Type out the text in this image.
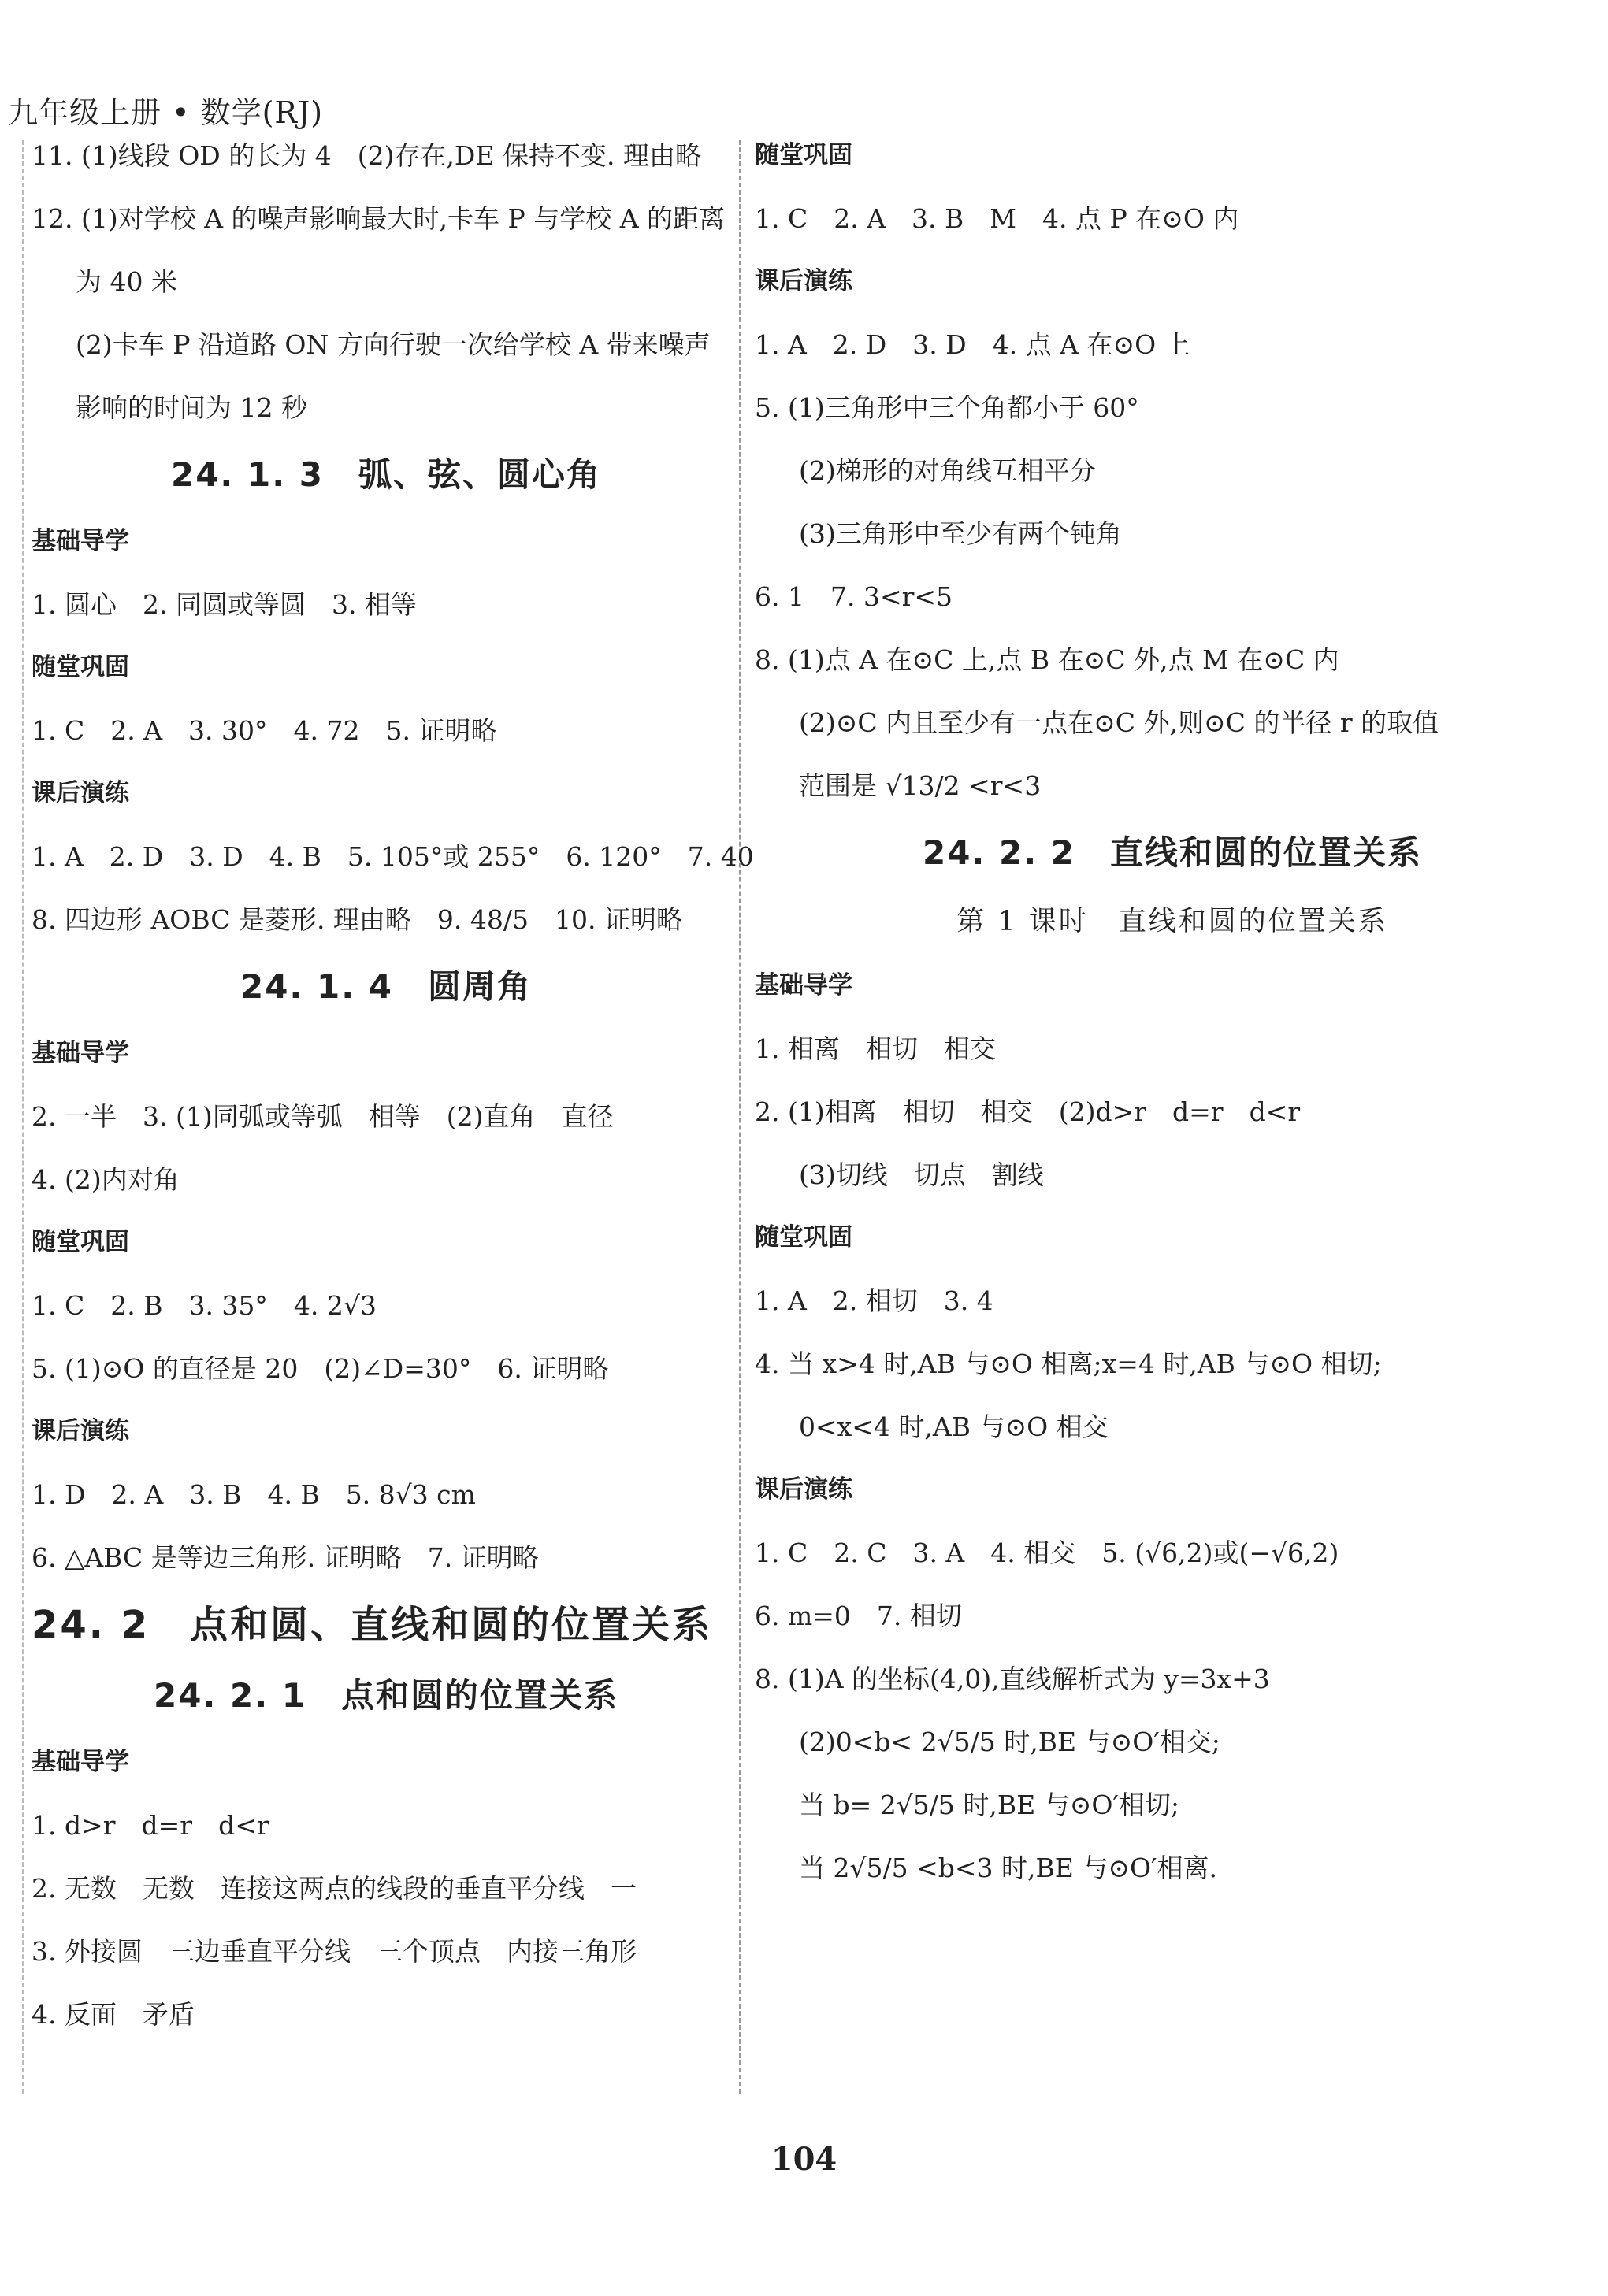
九年级上册 • 数学(RJ)
11. (1)线段 OD 的长为 4　(2)存在,DE 保持不变. 理由略
12. (1)对学校 A 的噪声影响最大时,卡车 P 与学校 A 的距离
为 40 米
(2)卡车 P 沿道路 ON 方向行驶一次给学校 A 带来噪声
影响的时间为 12 秒
24. 1. 3　弧、弦、圆心角
基础导学
1. 圆心　2. 同圆或等圆　3. 相等
随堂巩固
1. C　2. A　3. 30°　4. 72　5. 证明略
课后演练
1. A　2. D　3. D　4. B　5. 105°或 255°　6. 120°　7. 40
8. 四边形 AOBC 是菱形. 理由略　9. 48/5　10. 证明略
24. 1. 4　圆周角
基础导学
2. 一半　3. (1)同弧或等弧　相等　(2)直角　直径
4. (2)内对角
随堂巩固
1. C　2. B　3. 35°　4. 2√3
5. (1)⊙O 的直径是 20　(2)∠D=30°　6. 证明略
课后演练
1. D　2. A　3. B　4. B　5. 8√3 cm
6. △ABC 是等边三角形. 证明略　7. 证明略
24. 2　点和圆、直线和圆的位置关系
24. 2. 1　点和圆的位置关系
基础导学
1. d>r　d=r　d<r
2. 无数　无数　连接这两点的线段的垂直平分线　一
3. 外接圆　三边垂直平分线　三个顶点　内接三角形
4. 反面　矛盾
随堂巩固
1. C　2. A　3. B　M　4. 点 P 在⊙O 内
课后演练
1. A　2. D　3. D　4. 点 A 在⊙O 上
5. (1)三角形中三个角都小于 60°
(2)梯形的对角线互相平分
(3)三角形中至少有两个钝角
6. 1　7. 3<r<5
8. (1)点 A 在⊙C 上,点 B 在⊙C 外,点 M 在⊙C 内
(2)⊙C 内且至少有一点在⊙C 外,则⊙C 的半径 r 的取值
范围是 √13/2 <r<3
24. 2. 2　直线和圆的位置关系
第 1 课时　直线和圆的位置关系
基础导学
1. 相离　相切　相交
2. (1)相离　相切　相交　(2)d>r　d=r　d<r
(3)切线　切点　割线
随堂巩固
1. A　2. 相切　3. 4
4. 当 x>4 时,AB 与⊙O 相离;x=4 时,AB 与⊙O 相切;
0<x<4 时,AB 与⊙O 相交
课后演练
1. C　2. C　3. A　4. 相交　5. (√6,2)或(−√6,2)
6. m=0　7. 相切
8. (1)A 的坐标(4,0),直线解析式为 y=3x+3
(2)0<b< 2√5/5 时,BE 与⊙O′相交;
当 b= 2√5/5 时,BE 与⊙O′相切;
当 2√5/5 <b<3 时,BE 与⊙O′相离.
104
